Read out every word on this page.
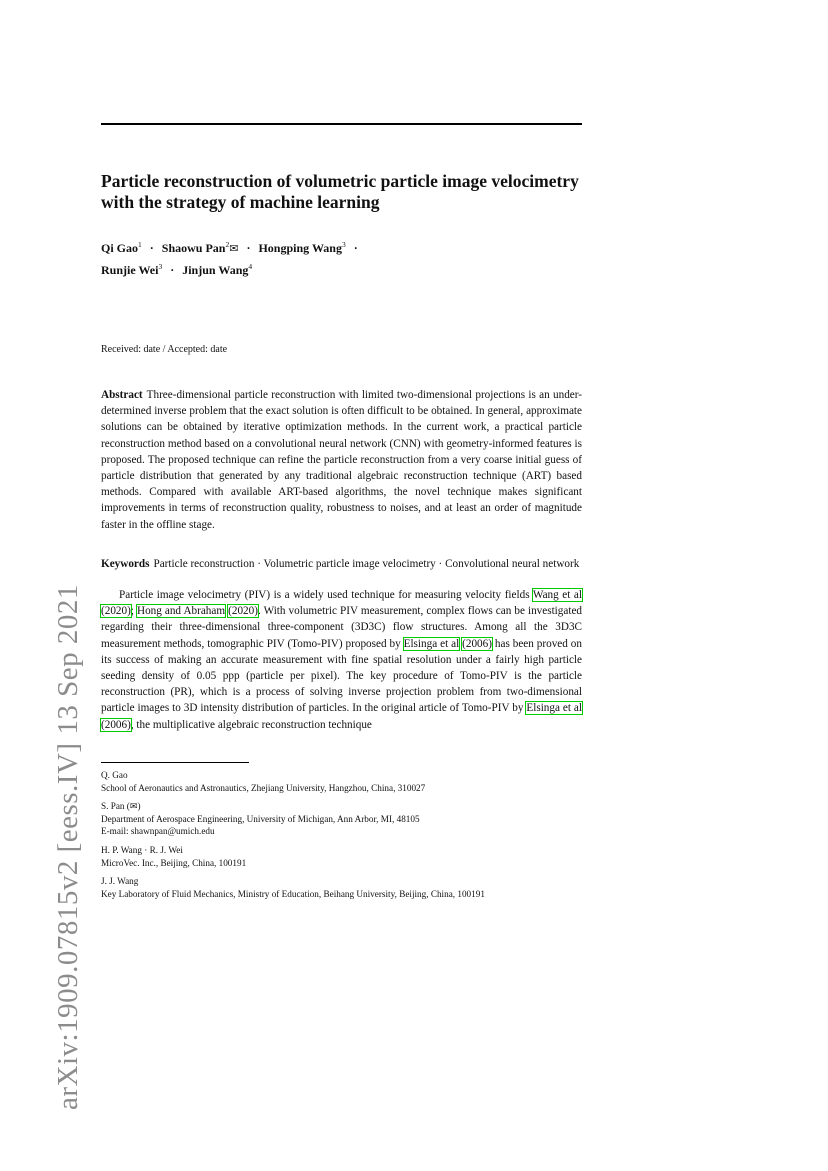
arXiv:1909.07815v2 [eess.IV] 13 Sep 2021
Particle reconstruction of volumetric particle image velocimetry with the strategy of machine learning
Qi Gao$^1$ · Shaowu Pan$^2$✉ · Hongping Wang$^3$ ·
Runjie Wei$^3$ · Jinjun Wang$^4$
Received: date / Accepted: date
Abstract Three-dimensional particle reconstruction with limited two-dimensional projections is an under-determined inverse problem that the exact solution is often difficult to be obtained. In general, approximate solutions can be obtained by iterative optimization methods. In the current work, a practical particle reconstruction method based on a convolutional neural network (CNN) with geometry-informed features is proposed. The proposed technique can refine the particle reconstruction from a very coarse initial guess of particle distribution that generated by any traditional algebraic reconstruction technique (ART) based methods. Compared with available ART-based algorithms, the novel technique makes significant improvements in terms of reconstruction quality, robustness to noises, and at least an order of magnitude faster in the offline stage.
Keywords Particle reconstruction · Volumetric particle image velocimetry · Convolutional neural network
Particle image velocimetry (PIV) is a widely used technique for measuring velocity fields Wang et al (2020); Hong and Abraham (2020). With volumetric PIV measurement, complex flows can be investigated regarding their three-dimensional three-component (3D3C) flow structures. Among all the 3D3C measurement methods, tomographic PIV (Tomo-PIV) proposed by Elsinga et al (2006) has been proved on its success of making an accurate measurement with fine spatial resolution under a fairly high particle seeding density of 0.05 ppp (particle per pixel). The key procedure of Tomo-PIV is the particle reconstruction (PR), which is a process of solving inverse projection problem from two-dimensional particle images to 3D intensity distribution of particles. In the original article of Tomo-PIV by Elsinga et al (2006), the multiplicative algebraic reconstruction technique
Q. Gao
School of Aeronautics and Astronautics, Zhejiang University, Hangzhou, China, 310027
S. Pan (✉)
Department of Aerospace Engineering, University of Michigan, Ann Arbor, MI, 48105
E-mail: shawnpan@umich.edu
H. P. Wang · R. J. Wei
MicroVec. Inc., Beijing, China, 100191
J. J. Wang
Key Laboratory of Fluid Mechanics, Ministry of Education, Beihang University, Beijing, China, 100191
